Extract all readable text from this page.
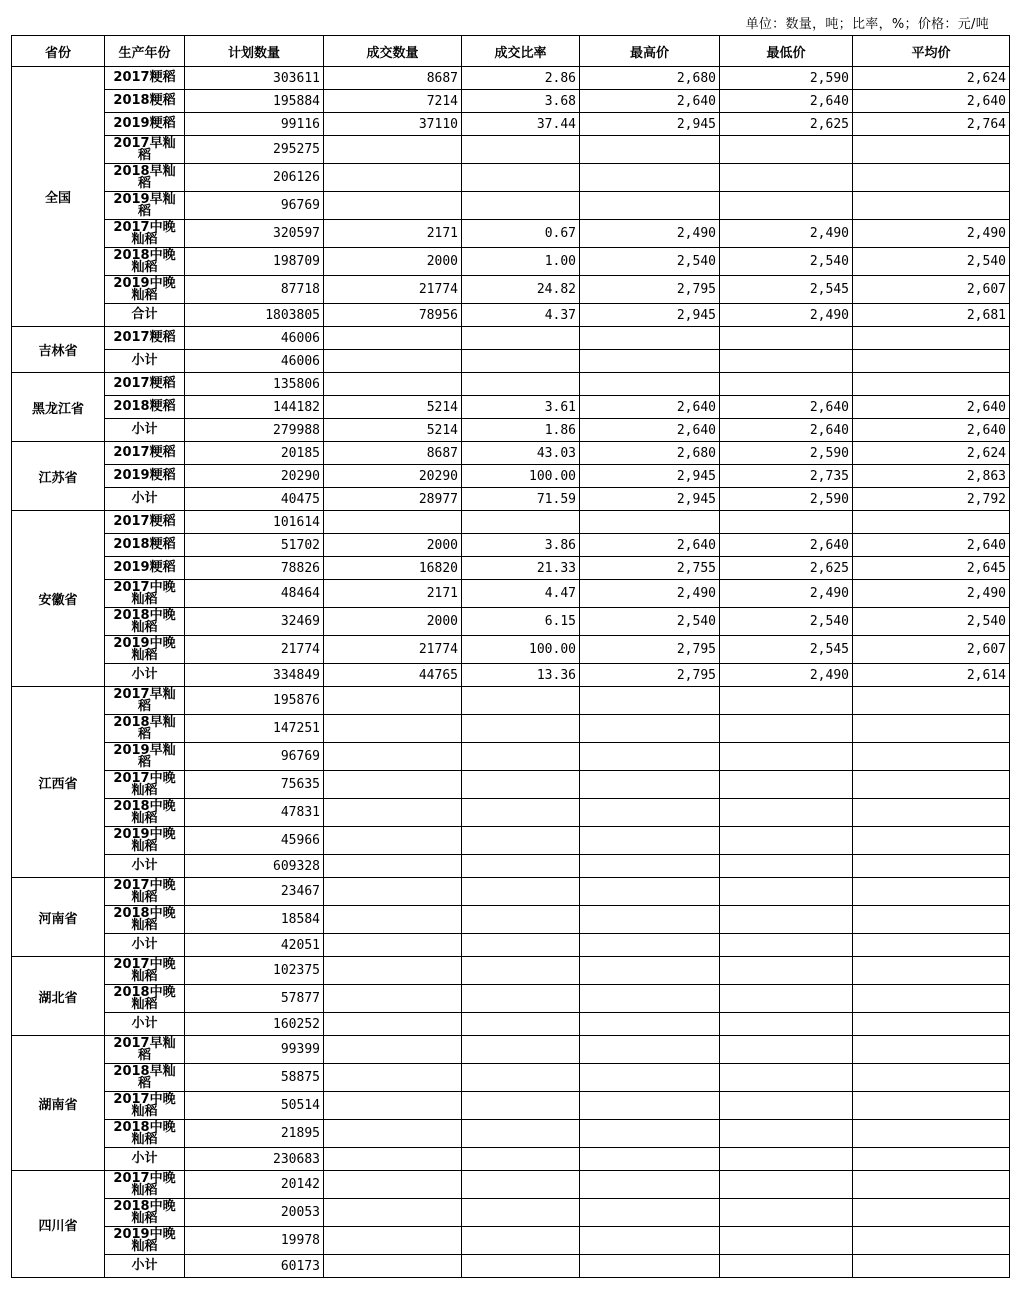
单位：数量，吨；比率，%；价格：元/吨
省份	生产年份	计划数量	成交数量	成交比率	最高价	最低价	平均价
全国	2017粳稻	303611	8687	2.86	2,680	2,590	2,624
	2018粳稻	195884	7214	3.68	2,640	2,640	2,640
	2019粳稻	99116	37110	37.44	2,945	2,625	2,764
	2017早籼稻	295275					
	2018早籼稻	206126					
	2019早籼稻	96769					
	2017中晚籼稻	320597	2171	0.67	2,490	2,490	2,490
	2018中晚籼稻	198709	2000	1.00	2,540	2,540	2,540
	2019中晚籼稻	87718	21774	24.82	2,795	2,545	2,607
	合计	1803805	78956	4.37	2,945	2,490	2,681
吉林省	2017粳稻	46006					
	小计	46006					
黑龙江省	2017粳稻	135806					
	2018粳稻	144182	5214	3.61	2,640	2,640	2,640
	小计	279988	5214	1.86	2,640	2,640	2,640
江苏省	2017粳稻	20185	8687	43.03	2,680	2,590	2,624
	2019粳稻	20290	20290	100.00	2,945	2,735	2,863
	小计	40475	28977	71.59	2,945	2,590	2,792
安徽省	2017粳稻	101614					
	2018粳稻	51702	2000	3.86	2,640	2,640	2,640
	2019粳稻	78826	16820	21.33	2,755	2,625	2,645
	2017中晚籼稻	48464	2171	4.47	2,490	2,490	2,490
	2018中晚籼稻	32469	2000	6.15	2,540	2,540	2,540
	2019中晚籼稻	21774	21774	100.00	2,795	2,545	2,607
	小计	334849	44765	13.36	2,795	2,490	2,614
江西省	2017早籼稻	195876					
	2018早籼稻	147251					
	2019早籼稻	96769					
	2017中晚籼稻	75635					
	2018中晚籼稻	47831					
	2019中晚籼稻	45966					
	小计	609328					
河南省	2017中晚籼稻	23467					
	2018中晚籼稻	18584					
	小计	42051					
湖北省	2017中晚籼稻	102375					
	2018中晚籼稻	57877					
	小计	160252					
湖南省	2017早籼稻	99399					
	2018早籼稻	58875					
	2017中晚籼稻	50514					
	2018中晚籼稻	21895					
	小计	230683					
四川省	2017中晚籼稻	20142					
	2018中晚籼稻	20053					
	2019中晚籼稻	19978					
	小计	60173					
